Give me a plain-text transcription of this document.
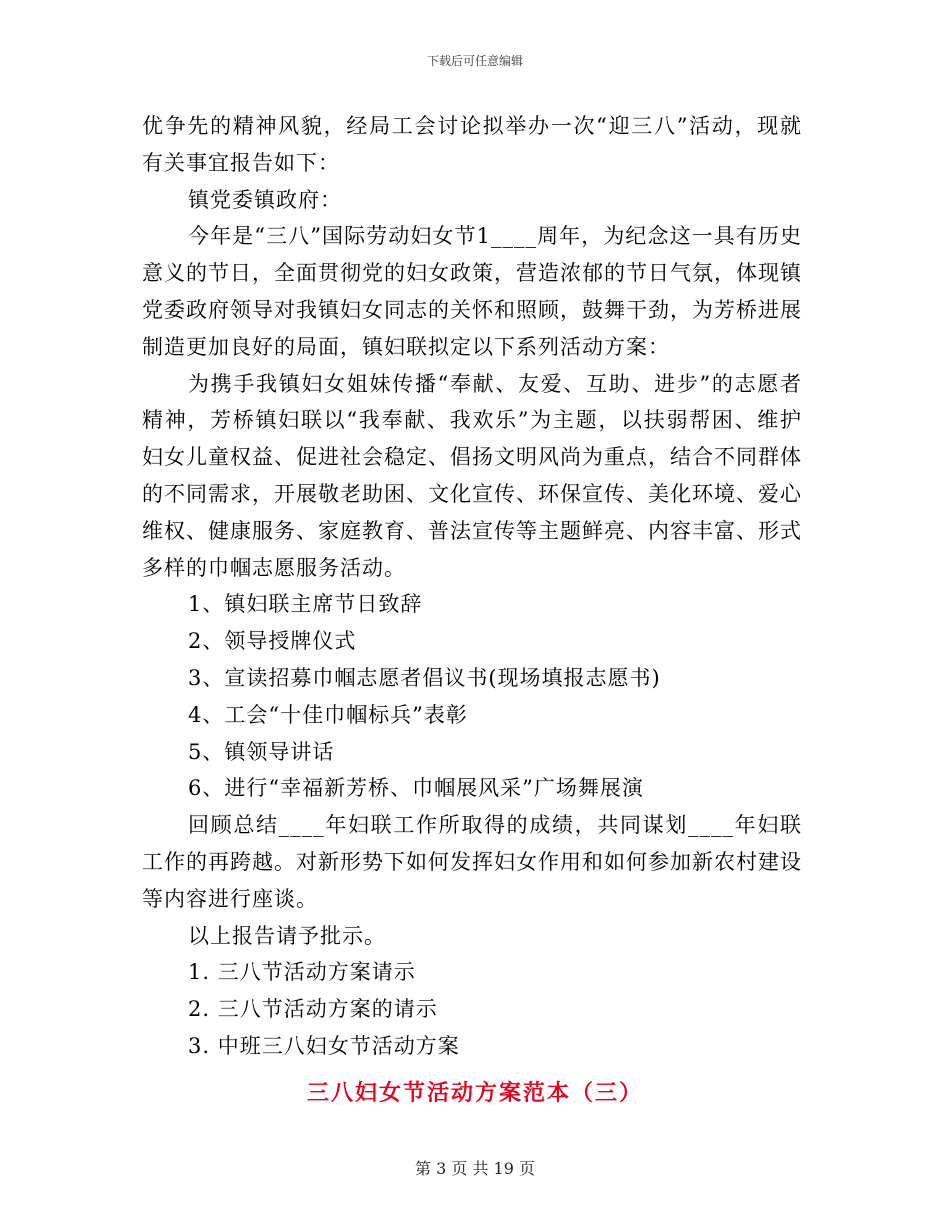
下载后可任意编辑

优争先的精神风貌，经局工会讨论拟举办一次“迎三八”活动，现就有关事宜报告如下：

镇党委镇政府：

今年是“三八”国际劳动妇女节1____周年，为纪念这一具有历史意义的节日，全面贯彻党的妇女政策，营造浓郁的节日气氛，体现镇党委政府领导对我镇妇女同志的关怀和照顾，鼓舞干劲，为芳桥进展制造更加良好的局面，镇妇联拟定以下系列活动方案：

为携手我镇妇女姐妹传播“奉献、友爱、互助、进步”的志愿者精神，芳桥镇妇联以“我奉献、我欢乐”为主题，以扶弱帮困、维护妇女儿童权益、促进社会稳定、倡扬文明风尚为重点，结合不同群体的不同需求，开展敬老助困、文化宣传、环保宣传、美化环境、爱心维权、健康服务、家庭教育、普法宣传等主题鲜亮、内容丰富、形式多样的巾帼志愿服务活动。

1、镇妇联主席节日致辞

2、领导授牌仪式

3、宣读招募巾帼志愿者倡议书(现场填报志愿书)

4、工会“十佳巾帼标兵”表彰

5、镇领导讲话

6、进行“幸福新芳桥、巾帼展风采”广场舞展演

回顾总结____年妇联工作所取得的成绩，共同谋划____年妇联工作的再跨越。对新形势下如何发挥妇女作用和如何参加新农村建设等内容进行座谈。

以上报告请予批示。

1. 三八节活动方案请示

2. 三八节活动方案的请示

3. 中班三八妇女节活动方案

三八妇女节活动方案范本（三）
第 3 页 共 19 页
